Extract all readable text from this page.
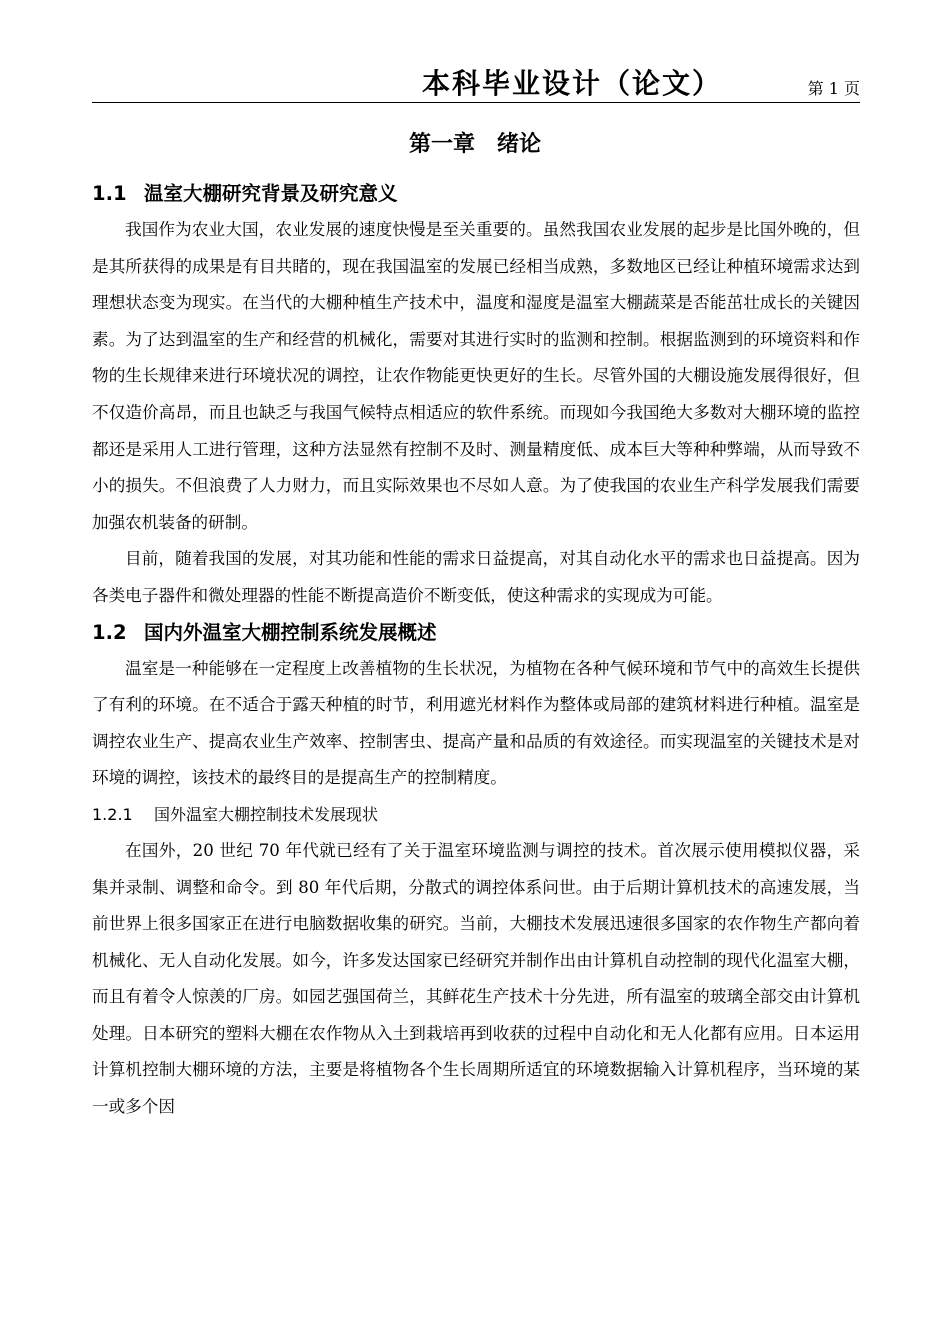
本科毕业设计（论文）	第 1 页
第一章　绪论
1.1 温室大棚研究背景及研究意义

我国作为农业大国，农业发展的速度快慢是至关重要的。虽然我国农业发展的起步是比国外晚的，但是其所获得的成果是有目共睹的，现在我国温室的发展已经相当成熟，多数地区已经让种植环境需求达到理想状态变为现实。在当代的大棚种植生产技术中，温度和湿度是温室大棚蔬菜是否能茁壮成长的关键因素。为了达到温室的生产和经营的机械化，需要对其进行实时的监测和控制。根据监测到的环境资料和作物的生长规律来进行环境状况的调控，让农作物能更快更好的生长。尽管外国的大棚设施发展得很好，但不仅造价高昂，而且也缺乏与我国气候特点相适应的软件系统。而现如今我国绝大多数对大棚环境的监控都还是采用人工进行管理，这种方法显然有控制不及时、测量精度低、成本巨大等种种弊端，从而导致不小的损失。不但浪费了人力财力，而且实际效果也不尽如人意。为了使我国的农业生产科学发展我们需要加强农机装备的研制。

目前，随着我国的发展，对其功能和性能的需求日益提高，对其自动化水平的需求也日益提高。因为各类电子器件和微处理器的性能不断提高造价不断变低，使这种需求的实现成为可能。

1.2 国内外温室大棚控制系统发展概述

温室是一种能够在一定程度上改善植物的生长状况，为植物在各种气候环境和节气中的高效生长提供了有利的环境。在不适合于露天种植的时节，利用遮光材料作为整体或局部的建筑材料进行种植。温室是调控农业生产、提高农业生产效率、控制害虫、提高产量和品质的有效途径。而实现温室的关键技术是对环境的调控，该技术的最终目的是提高生产的控制精度。

1.2.1 国外温室大棚控制技术发展现状

在国外，20 世纪 70 年代就已经有了关于温室环境监测与调控的技术。首次展示使用模拟仪器，采集并录制、调整和命令。到 80 年代后期，分散式的调控体系问世。由于后期计算机技术的高速发展，当前世界上很多国家正在进行电脑数据收集的研究。当前，大棚技术发展迅速很多国家的农作物生产都向着机械化、无人自动化发展。如今，许多发达国家已经研究并制作出由计算机自动控制的现代化温室大棚，而且有着令人惊羡的厂房。如园艺强国荷兰，其鲜花生产技术十分先进，所有温室的玻璃全部交由计算机处理。日本研究的塑料大棚在农作物从入土到栽培再到收获的过程中自动化和无人化都有应用。日本运用计算机控制大棚环境的方法，主要是将植物各个生长周期所适宜的环境数据输入计算机程序，当环境的某一或多个因
